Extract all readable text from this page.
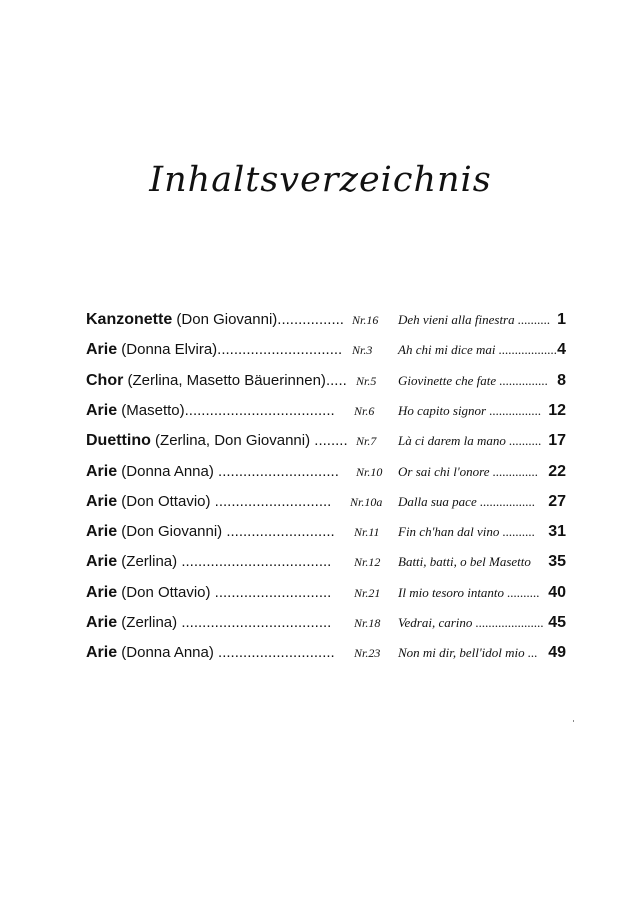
Inhaltsverzeichnis
Kanzonette (Don Giovanni)................ Nr.16 Deh vieni alla finestra .......... 1
Arie (Donna Elvira).............................. Nr.3 Ah chi mi dice mai .................. 4
Chor (Zerlina, Masetto Bäuerinnen)..... Nr.5 Giovinette che fate ............... 8
Arie (Masetto).................................... Nr.6 Ho capito signor ................ 12
Duettino (Zerlina, Don Giovanni) ........ Nr.7 Là ci darem la mano .......... 17
Arie (Donna Anna) ............................. Nr.10 Or sai chi l'onore .............. 22
Arie (Don Ottavio) ............................ Nr.10a Dalla sua pace ................. 27
Arie (Don Giovanni) .......................... Nr.11 Fin ch'han dal vino .......... 31
Arie (Zerlina) .................................... Nr.12 Batti, batti, o bel Masetto 35
Arie (Don Ottavio) ............................ Nr.21 Il mio tesoro intanto .......... 40
Arie (Zerlina) .................................... Nr.18 Vedrai, carino ..................... 45
Arie (Donna Anna) ............................ Nr.23 Non mi dir, bell'idol mio ... 49
